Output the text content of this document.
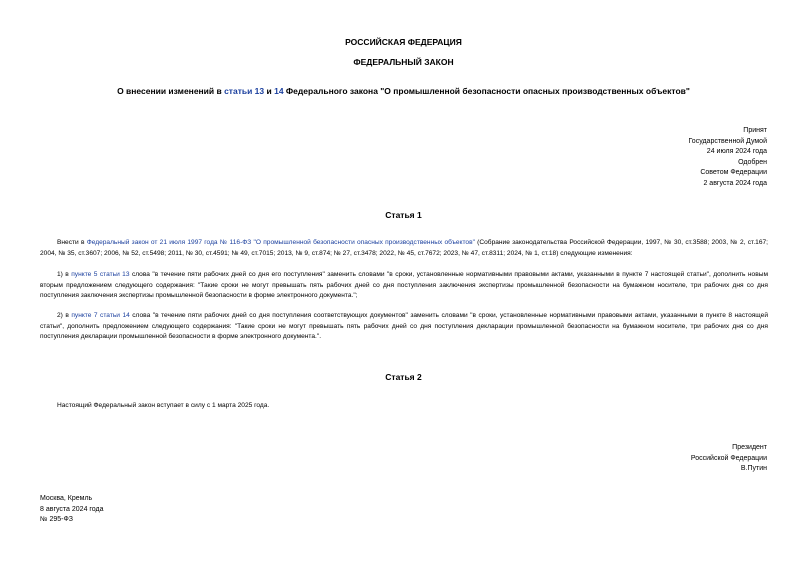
РОССИЙСКАЯ ФЕДЕРАЦИЯ
ФЕДЕРАЛЬНЫЙ ЗАКОН
О внесении изменений в статьи 13 и 14 Федерального закона "О промышленной безопасности опасных производственных объектов"
Принят
Государственной Думой
24 июля 2024 года
Одобрен
Советом Федерации
2 августа 2024 года
Статья 1
Внести в Федеральный закон от 21 июля 1997 года № 116-ФЗ "О промышленной безопасности опасных производственных объектов" (Собрание законодательства Российской Федерации, 1997, № 30, ст.3588; 2003, № 2, ст.167; 2004, № 35, ст.3607; 2006, № 52, ст.5498; 2011, № 30, ст.4591; № 49, ст.7015; 2013, № 9, ст.874; № 27, ст.3478; 2022, № 45, ст.7672; 2023, № 47, ст.8311; 2024, № 1, ст.18) следующие изменения:
1) в пункте 5 статьи 13 слова "в течение пяти рабочих дней со дня его поступления" заменить словами "в сроки, установленные нормативными правовыми актами, указанными в пункте 7 настоящей статьи", дополнить новым вторым предложением следующего содержания: "Такие сроки не могут превышать пять рабочих дней со дня поступления заключения экспертизы промышленной безопасности на бумажном носителе, три рабочих дня со дня поступления заключения экспертизы промышленной безопасности в форме электронного документа.";
2) в пункте 7 статьи 14 слова "в течение пяти рабочих дней со дня поступления соответствующих документов" заменить словами "в сроки, установленные нормативными правовыми актами, указанными в пункте 8 настоящей статьи", дополнить предложением следующего содержания: "Такие сроки не могут превышать пять рабочих дней со дня поступления декларации промышленной безопасности на бумажном носителе, три рабочих дня со дня поступления декларации промышленной безопасности в форме электронного документа.".
Статья 2
Настоящий Федеральный закон вступает в силу с 1 марта 2025 года.
Президент
Российской Федерации
В.Путин
Москва, Кремль
8 августа 2024 года
№ 295-ФЗ
